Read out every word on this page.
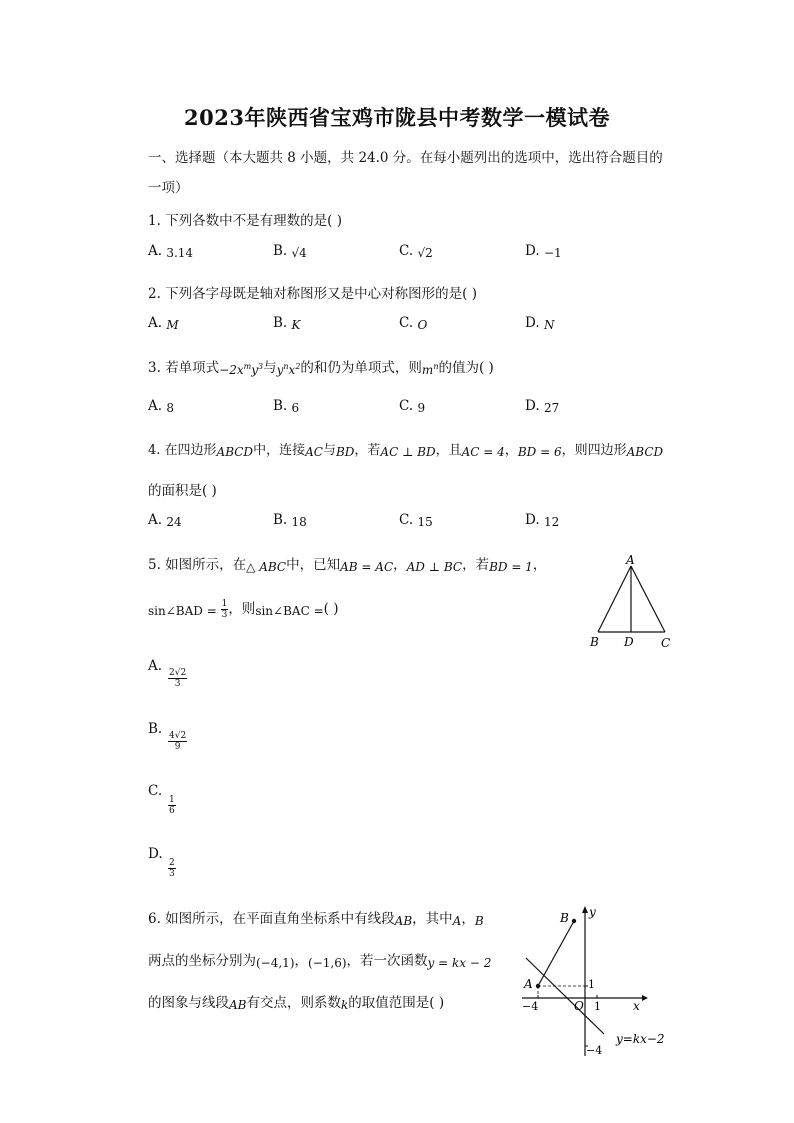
2023年陕西省宝鸡市陇县中考数学一模试卷
一、选择题（本大题共 8 小题，共 24.0 分。在每小题列出的选项中，选出符合题目的
一项）
1. 下列各数中不是有理数的是( )
A. 3.14	B. √4	C. √2	D. −1
2. 下列各字母既是轴对称图形又是中心对称图形的是( )
A. M	B. K	C. O	D. N
3. 若单项式$-2x^my^3$与$y^nx^2$的和仍为单项式，则$m^n$的值为( )
A. 8	B. 6	C. 9	D. 27
4. 在四边形ABCD中，连接AC与BD，若AC ⊥ BD，且AC = 4，BD = 6，则四边形ABCD
的面积是( )
A. 24	B. 18	C. 15	D. 12
5. 如图所示，在△ ABC中，已知AB = AC，AD ⊥ BC，若BD = 1，
sin∠BAD = $\frac{1}{3}$ ，则sin∠BAC =( )
A.
$\frac{2√2}{3}$
B.
$\frac{4√2}{9}$
C.
$\frac{1}{6}$
D.
$\frac{2}{3}$
A
B D C
6. 如图所示，在平面直角坐标系中有线段AB，其中A，B
两点的坐标分别为(−4,1)，(−1,6)，若一次函数y = kx − 2
的图象与线段AB有交点，则系数k的取值范围是( )
B
A
y
x
O
1
1
−4
−4
y=kx−2
